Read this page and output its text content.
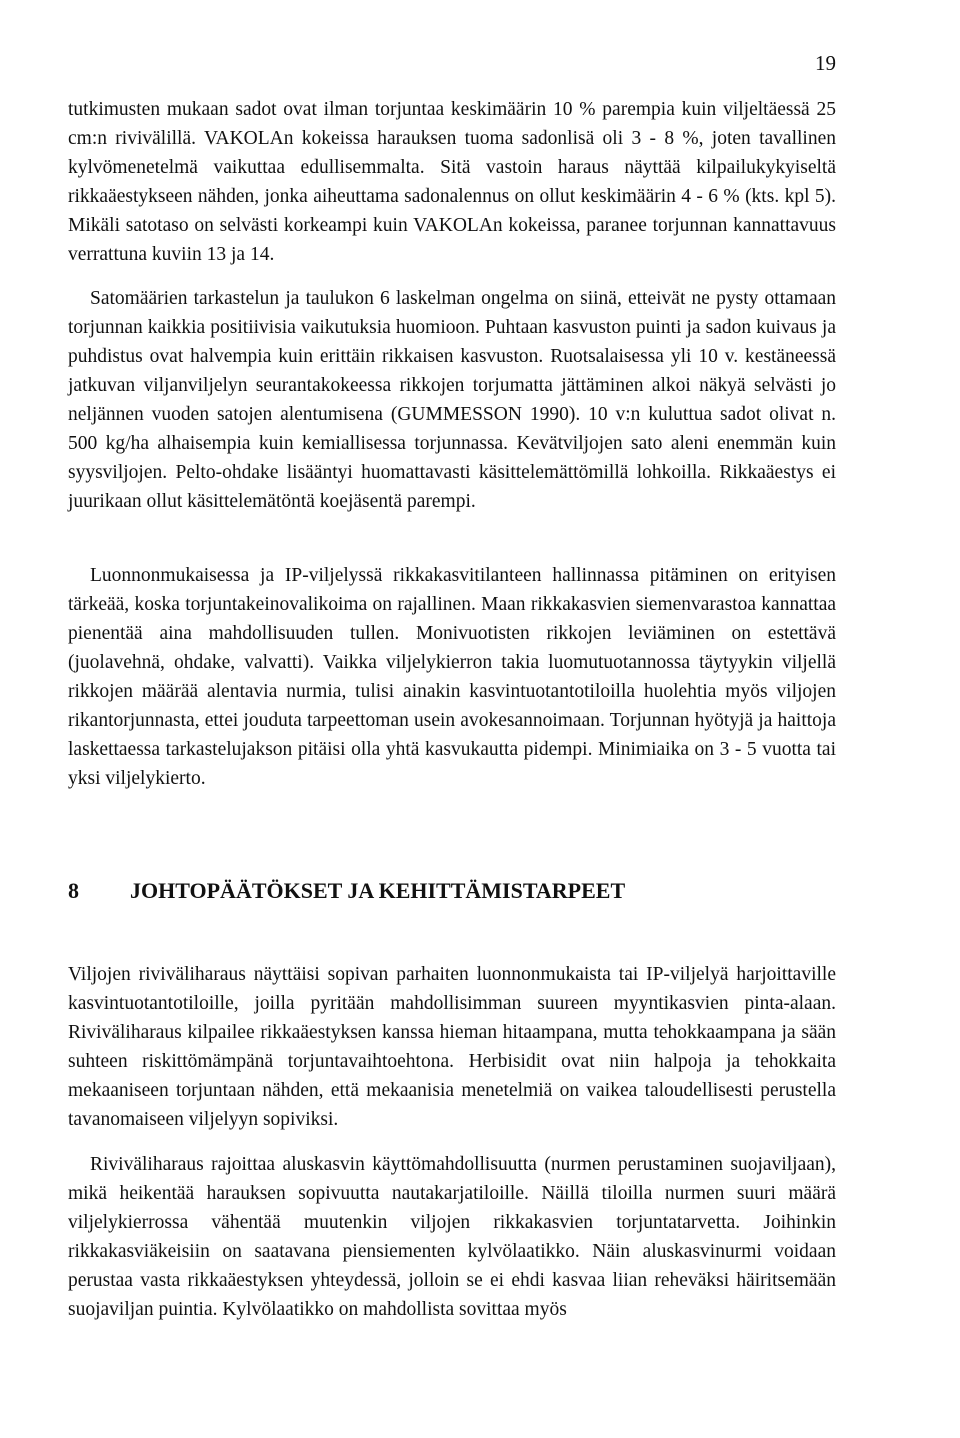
19

tutkimusten mukaan sadot ovat ilman torjuntaa keskimäärin 10 % parempia kuin viljeltäessä 25 cm:n rivivälillä. VAKOLAn kokeissa harauksen tuoma sadonlisä oli 3 - 8 %, joten tavallinen kylvömenetelmä vaikuttaa edullisemmalta. Sitä vastoin haraus näyttää kilpailukykyiseltä rikkaäestykseen nähden, jonka aiheuttama sadonalennus on ollut keskimäärin 4 - 6 % (kts. kpl 5). Mikäli satotaso on selvästi korkeampi kuin VAKOLAn kokeissa, paranee torjunnan kannattavuus verrattuna kuviin 13 ja 14.

Satomäärien tarkastelun ja taulukon 6 laskelman ongelma on siinä, etteivät ne pysty ottamaan torjunnan kaikkia positiivisia vaikutuksia huomioon. Puhtaan kasvuston puinti ja sadon kuivaus ja puhdistus ovat halvempia kuin erittäin rikkaisen kasvuston. Ruotsalaisessa yli 10 v. kestäneessä jatkuvan viljanviljelyn seurantakokeessa rikkojen torjumatta jättäminen alkoi näkyä selvästi jo neljännen vuoden satojen alentumisena (GUMMESSON 1990). 10 v:n kuluttua sadot olivat n. 500 kg/ha alhaisempia kuin kemiallisessa torjunnassa. Kevätviljojen sato aleni enemmän kuin syysviljojen. Pelto-ohdake lisääntyi huomattavasti käsittelemättömillä lohkoilla. Rikkaäestys ei juurikaan ollut käsittelemätöntä koejäsentä parempi.

Luonnonmukaisessa ja IP-viljelyssä rikkakasvitilanteen hallinnassa pitäminen on erityisen tärkeää, koska torjuntakeinovalikoima on rajallinen. Maan rikkakasvien siemenvarastoa kannattaa pienentää aina mahdollisuuden tullen. Monivuotisten rikkojen leviäminen on estettävä (juolavehnä, ohdake, valvatti). Vaikka viljelykierron takia luomutuotannossa täytyykin viljellä rikkojen määrää alentavia nurmia, tulisi ainakin kasvintuotantotiloilla huolehtia myös viljojen rikantorjunnasta, ettei jouduta tarpeettoman usein avokesannoimaan. Torjunnan hyötyjä ja haittoja laskettaessa tarkastelujakson pitäisi olla yhtä kasvukautta pidempi. Minimiaika on 3 - 5 vuotta tai yksi viljelykierto.

8	JOHTOPÄÄTÖKSET JA KEHITTÄMISTARPEET

Viljojen riviväliharaus näyttäisi sopivan parhaiten luonnonmukaista tai IP-viljelyä harjoittaville kasvintuotantotiloille, joilla pyritään mahdollisimman suureen myyntikasvien pinta-alaan. Riviväliharaus kilpailee rikkaäestyksen kanssa hieman hitaampana, mutta tehokkaampana ja sään suhteen riskittömämpänä torjuntavaihtoehtona. Herbisidit ovat niin halpoja ja tehokkaita mekaaniseen torjuntaan nähden, että mekaanisia menetelmiä on vaikea taloudellisesti perustella tavanomaiseen viljelyyn sopiviksi.

Riviväliharaus rajoittaa aluskasvin käyttömahdollisuutta (nurmen perustaminen suojaviljaan), mikä heikentää harauksen sopivuutta nautakarjatiloille. Näillä tiloilla nurmen suuri määrä viljelykierrossa vähentää muutenkin viljojen rikkakasvien torjuntatarvetta. Joihinkin rikkakasviäkeisiin on saatavana piensiementen kylvölaatikko. Näin aluskasvinurmi voidaan perustaa vasta rikkaäestyksen yhteydessä, jolloin se ei ehdi kasvaa liian reheväksi häiritsemään suojaviljan puintia. Kylvölaatikko on mahdollista sovittaa myös
